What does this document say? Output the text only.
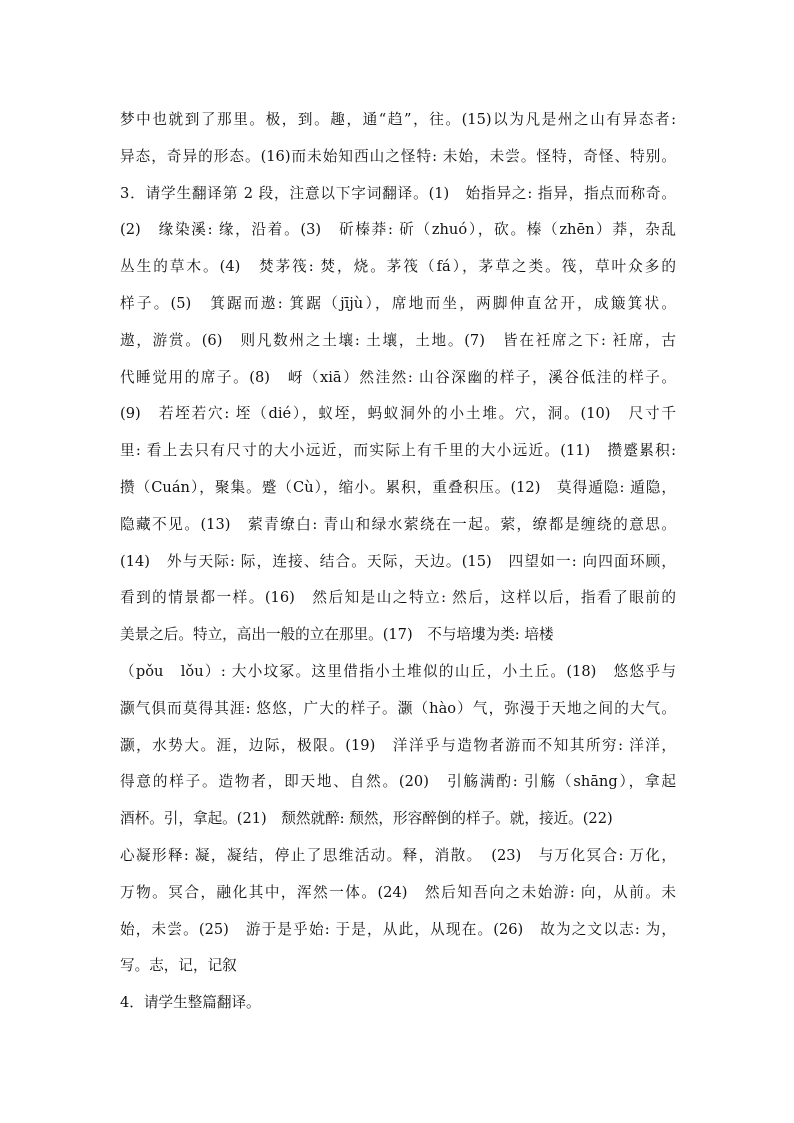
梦中也就到了那里。极，到。趣，通“趋”，往。(15)以为凡是州之山有异态者:
异态，奇异的形态。(16)而未始知西山之怪特: 未始，未尝。怪特，奇怪、特别。
3．请学生翻译第 2 段，注意以下字词翻译。(1)　始指异之: 指异，指点而称奇。
(2)　缘染溪: 缘，沿着。(3)　斫榛莽: 斫（zhuó），砍。榛（zhēn）莽，杂乱
丛生的草木。(4)　焚茅筏: 焚，烧。茅筏（fá），茅草之类。筏，草叶众多的
样子。(5)　箕踞而遨: 箕踞（jījù），席地而坐，两脚伸直岔开，成簸箕状。
遨，游赏。(6)　则凡数州之土壤: 土壤，土地。(7)　皆在衽席之下: 衽席，古
代睡觉用的席子。(8)　岈（xiā）然洼然: 山谷深幽的样子，溪谷低洼的样子。
(9)　若垤若穴: 垤（dié），蚁垤，蚂蚁洞外的小土堆。穴，洞。(10)　尺寸千
里: 看上去只有尺寸的大小远近，而实际上有千里的大小远近。(11)　攒蹙累积:
攒（Cuán），聚集。蹙（Cù），缩小。累积，重叠积压。(12)　莫得遁隐: 遁隐，
隐藏不见。(13)　萦青缭白: 青山和绿水萦绕在一起。萦，缭都是缠绕的意思。
(14)　外与天际: 际，连接、结合。天际，天边。(15)　四望如一: 向四面环顾，
看到的情景都一样。(16)　然后知是山之特立: 然后，这样以后，指看了眼前的
美景之后。特立，高出一般的立在那里。(17)　不与培塿为类: 培楼
（pǒu　lǒu）: 大小坟冢。这里借指小土堆似的山丘，小土丘。(18)　悠悠乎与
灏气俱而莫得其涯: 悠悠，广大的样子。灏（hào）气，弥漫于天地之间的大气。
灏，水势大。涯，边际，极限。(19)　洋洋乎与造物者游而不知其所穷: 洋洋，
得意的样子。造物者，即天地、自然。(20)　引觞满酌: 引觞（shāng），拿起
酒杯。引，拿起。(21)　颓然就醉: 颓然，形容醉倒的样子。就，接近。(22)
心凝形释: 凝，凝结，停止了思维活动。释，消散。　(23)　与万化冥合: 万化，
万物。冥合，融化其中，浑然一体。(24)　然后知吾向之未始游: 向，从前。未
始，未尝。(25)　游于是乎始: 于是，从此，从现在。(26)　故为之文以志: 为，
写。志，记，记叙
4．请学生整篇翻译。
